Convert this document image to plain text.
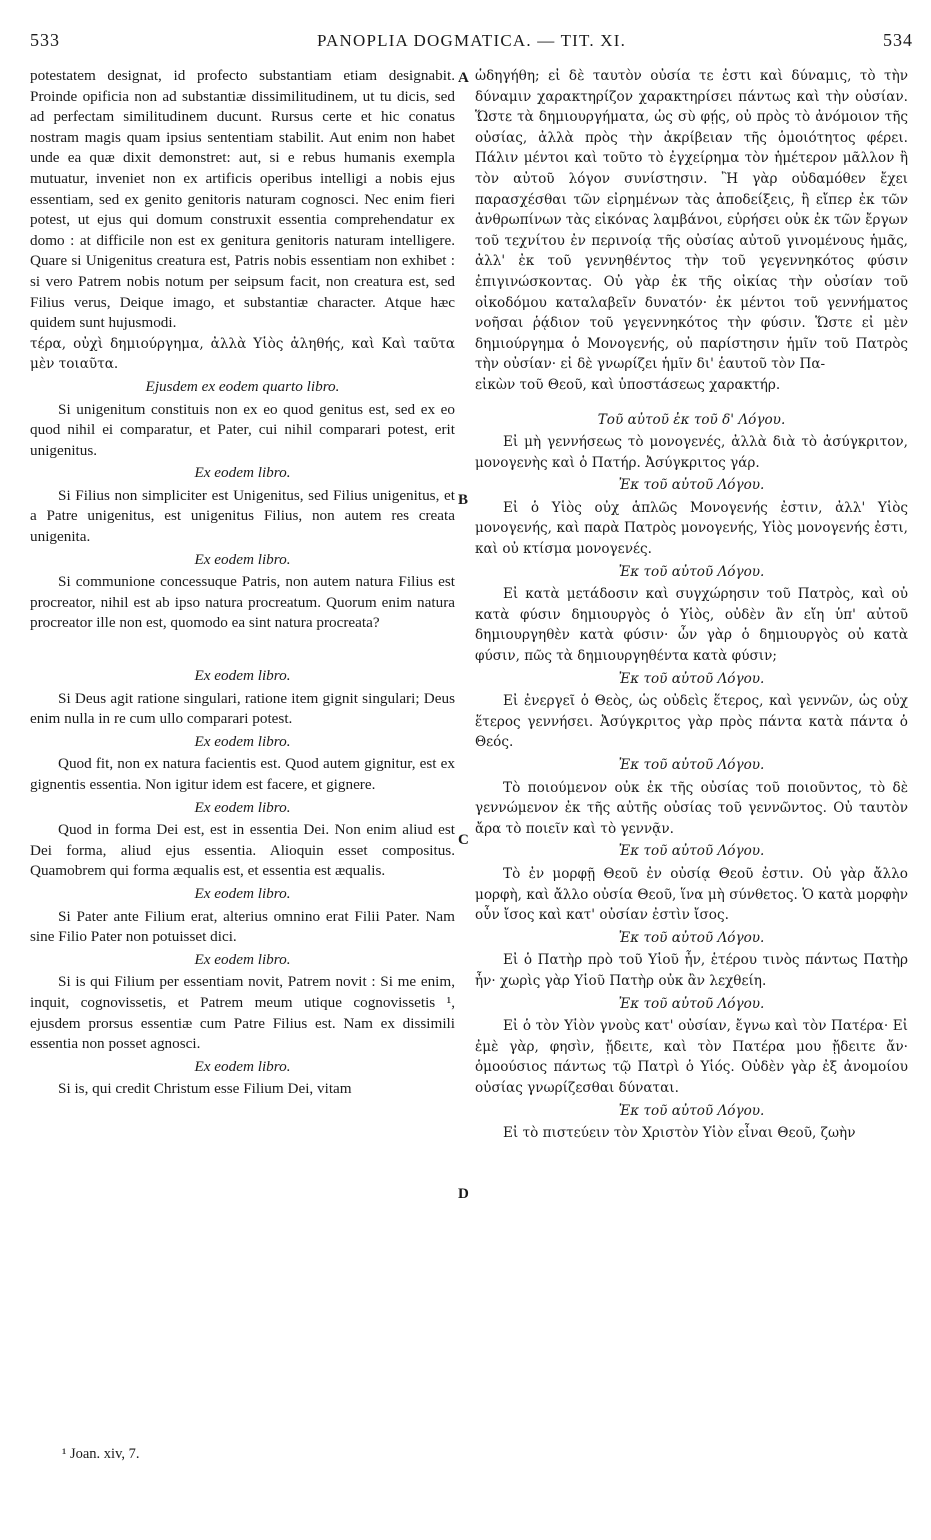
533	PANOPLIA DOGMATICA. — TIT. XI.	534

potestatem designat, id profecto substantiam etiam designabit. Proinde opificia non ad substantiæ dissimilitudinem, ut tu dicis, sed ad perfectam similitudinem ducunt. Rursus certe et hic conatus nostram magis quam ipsius sententiam stabilit. Aut enim non habet unde ea quæ dixit demonstret: aut, si e rebus humanis exempla mutuatur, inveniet non ex artificis operibus intelligi a nobis ejus essentiam, sed ex genito genitoris naturam cognosci. Nec enim fieri potest, ut ejus qui domum construxit essentia comprehendatur ex domo : at difficile non est ex genitura genitoris naturam intelligere. Quare si Unigenitus creatura est, Patris nobis essentiam non exhibet : si vero Patrem nobis notum per seipsum facit, non creatura est, sed Filius verus, Deique imago, et substantiæ character. Atque hæc quidem sunt hujusmodi.

τέρα, οὐχὶ δημιούργημα, ἀλλὰ Υἱὸς ἀληθής, καὶ Καὶ ταῦτα μὲν τοιαῦτα.

Ejusdem ex eodem quarto libro.

Si unigenitum constituis non ex eo quod genitus est, sed ex eo quod nihil ei comparatur, et Pater, cui nihil comparari potest, erit unigenitus.

Ex eodem libro.

Si Filius non simpliciter est Unigenitus, sed Filius unigenitus, et a Patre unigenitus, est unigenitus Filius, non autem res creata unigenita.

Ex eodem libro.

Si communione concessuque Patris, non autem natura Filius est procreator, nihil est ab ipso natura procreatum. Quorum enim natura procreator ille non est, quomodo ea sint natura procreata?

Ex eodem libro.

Si Deus agit ratione singulari, ratione item gignit singulari; Deus enim nulla in re cum ullo comparari potest.

Ex eodem libro.

Quod fit, non ex natura facientis est. Quod autem gignitur, est ex gignentis essentia. Non igitur idem est facere, et gignere.

Ex eodem libro.

Quod in forma Dei est, est in essentia Dei. Non enim aliud est Dei forma, aliud ejus essentia. Alioquin esset compositus. Quamobrem qui forma æqualis est, et essentia est æqualis.

Ex eodem libro.

Si Pater ante Filium erat, alterius omnino erat Filii Pater. Nam sine Filio Pater non potuisset dici.

Ex eodem libro.

Si is qui Filium per essentiam novit, Patrem novit : Si me enim, inquit, cognovissetis, et Patrem meum utique cognovissetis ¹, ejusdem prorsus essentiæ cum Patre Filius est. Nam ex dissimili essentia non posset agnosci.

Ex eodem libro.

Si is, qui credit Christum esse Filium Dei, vitam

ὡδηγήθη; εἰ δὲ ταυτὸν οὐσία τε ἐστι καὶ δύναμις, τὸ τὴν δύναμιν χαρακτηρίζον χαρακτηρίσει πάντως καὶ τὴν οὐσίαν. Ὥστε τὰ δημιουργήματα, ὡς σὺ φῄς, οὐ πρὸς τὸ ἀνόμοιον τῆς οὐσίας, ἀλλὰ πρὸς τὴν ἀκρίβειαν τῆς ὁμοιότητος φέρει. Πάλιν μέντοι καὶ τοῦτο τὸ ἐγχείρημα τὸν ἡμέτερον μᾶλλον ἢ τὸν αὐτοῦ λόγον συνίστησιν. Ἢ γὰρ οὐδαμόθεν ἔχει παρασχέσθαι τῶν εἰρημένων τὰς ἀποδείξεις, ἢ εἴπερ ἐκ τῶν ἀνθρωπίνων τὰς εἰκόνας λαμβάνοι, εὑρήσει οὐκ ἐκ τῶν ἔργων τοῦ τεχνίτου ἐν περινοίᾳ τῆς οὐσίας αὐτοῦ γινομένους ἡμᾶς, ἀλλ' ἐκ τοῦ γεννηθέντος τὴν τοῦ γεγεννηκότος φύσιν ἐπιγινώσκοντας. Οὐ γὰρ ἐκ τῆς οἰκίας τὴν οὐσίαν τοῦ οἰκοδόμου καταλαβεῖν δυνατόν· ἐκ μέντοι τοῦ γεννήματος νοῆσαι ῥᾴδιον τοῦ γεγεννηκότος τὴν φύσιν. Ὥστε εἰ μὲν δημιούργημα ὁ Μονογενής, οὐ παρίστησιν ἡμῖν τοῦ Πατρὸς τὴν οὐσίαν· εἰ δὲ γνωρίζει ἡμῖν δι' ἑαυτοῦ τὸν Πα-

εἰκὼν τοῦ Θεοῦ, καὶ ὑποστάσεως χαρακτήρ.

Τοῦ αὐτοῦ ἐκ τοῦ δ' Λόγου.

Εἰ μὴ γεννήσεως τὸ μονογενές, ἀλλὰ διὰ τὸ ἀσύγκριτον, μονογενὴς καὶ ὁ Πατήρ. Ἀσύγκριτος γάρ.

Ἐκ τοῦ αὐτοῦ Λόγου.

Εἰ ὁ Υἱὸς οὐχ ἁπλῶς Μονογενής ἐστιν, ἀλλ' Υἱὸς μονογενής, καὶ παρὰ Πατρὸς μονογενής, Υἱὸς μονογενής ἐστι, καὶ οὐ κτίσμα μονογενές.

Ἐκ τοῦ αὐτοῦ Λόγου.

Εἰ κατὰ μετάδοσιν καὶ συγχώρησιν τοῦ Πατρὸς, καὶ οὐ κατὰ φύσιν δημιουργὸς ὁ Υἱὸς, οὐδὲν ἂν εἴη ὑπ' αὐτοῦ δημιουργηθὲν κατὰ φύσιν· ὧν γὰρ ὁ δημιουργὸς οὐ κατὰ φύσιν, πῶς τὰ δημιουργηθέντα κατὰ φύσιν;

Ἐκ τοῦ αὐτοῦ Λόγου.

Εἰ ἐνεργεῖ ὁ Θεὸς, ὡς οὐδεὶς ἕτερος, καὶ γεννῶν, ὡς οὐχ ἕτερος γεννήσει. Ἀσύγκριτος γὰρ πρὸς πάντα κατὰ πάντα ὁ Θεός.

Ἐκ τοῦ αὐτοῦ Λόγου.

Τὸ ποιούμενον οὐκ ἐκ τῆς οὐσίας τοῦ ποιοῦντος, τὸ δὲ γεννώμενον ἐκ τῆς αὐτῆς οὐσίας τοῦ γεννῶντος. Οὐ ταυτὸν ἄρα τὸ ποιεῖν καὶ τὸ γεννᾷν.

Ἐκ τοῦ αὐτοῦ Λόγου.

Τὸ ἐν μορφῇ Θεοῦ ἐν οὐσίᾳ Θεοῦ ἐστιν. Οὐ γὰρ ἄλλο μορφὴ, καὶ ἄλλο οὐσία Θεοῦ, ἵνα μὴ σύνθετος. Ὁ κατὰ μορφὴν οὖν ἴσος καὶ κατ' οὐσίαν ἐστὶν ἴσος.

Ἐκ τοῦ αὐτοῦ Λόγου.

Εἰ ὁ Πατὴρ πρὸ τοῦ Υἱοῦ ἦν, ἑτέρου τινὸς πάντως Πατὴρ ἦν· χωρὶς γὰρ Υἱοῦ Πατὴρ οὐκ ἂν λεχθείη.

Ἐκ τοῦ αὐτοῦ Λόγου.

Εἰ ὁ τὸν Υἱὸν γνοὺς κατ' οὐσίαν, ἔγνω καὶ τὸν Πατέρα· Εἰ ἐμὲ γὰρ, φησὶν, ᾔδειτε, καὶ τὸν Πατέρα μου ᾔδειτε ἄν· ὁμοούσιος πάντως τῷ Πατρὶ ὁ Υἱός. Οὐδὲν γὰρ ἐξ ἀνομοίου οὐσίας γνωρίζεσθαι δύναται.

Ἐκ τοῦ αὐτοῦ Λόγου.

Εἰ τὸ πιστεύειν τὸν Χριστὸν Υἱὸν εἶναι Θεοῦ, ζωὴν

A
B
C
D
¹ Joan. xiv, 7.
